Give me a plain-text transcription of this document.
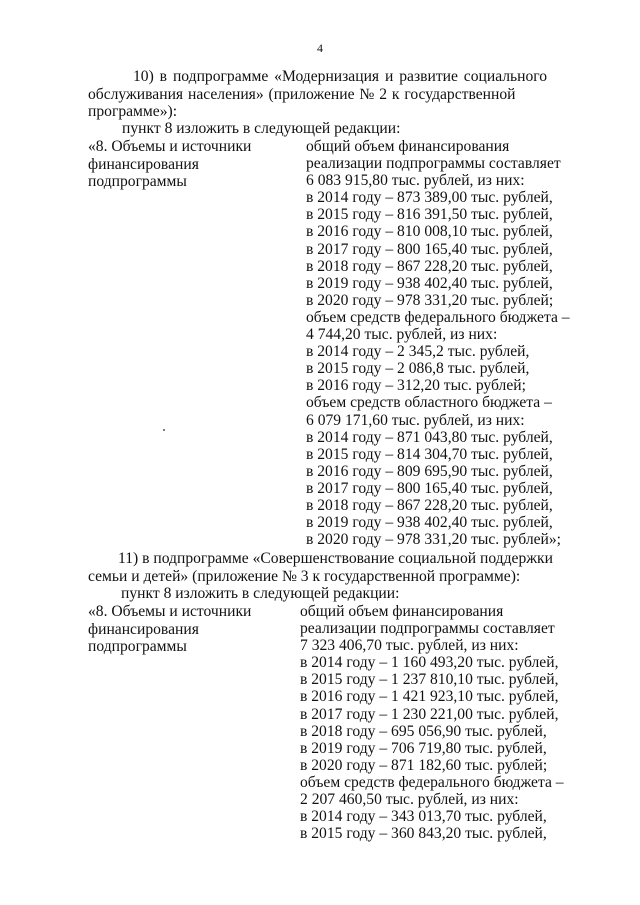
4
10) в подпрограмме «Модернизация и развитие социального
обслуживания населения» (приложение № 2 к государственной
программе»):
пункт 8 изложить в следующей редакции:
«8. Объемы и источники
финансирования
подпрограммы
общий объем финансирования
реализации подпрограммы составляет
6 083 915,80 тыс. рублей, из них:
в 2014 году – 873 389,00 тыс. рублей,
в 2015 году – 816 391,50 тыс. рублей,
в 2016 году – 810 008,10 тыс. рублей,
в 2017 году – 800 165,40 тыс. рублей,
в 2018 году – 867 228,20 тыс. рублей,
в 2019 году – 938 402,40 тыс. рублей,
в 2020 году – 978 331,20 тыс. рублей;
объем средств федерального бюджета –
4 744,20 тыс. рублей, из них:
в 2014 году – 2 345,2 тыс. рублей,
в 2015 году – 2 086,8 тыс. рублей,
в 2016 году – 312,20 тыс. рублей;
объем средств областного бюджета –
6 079 171,60 тыс. рублей, из них:
в 2014 году – 871 043,80 тыс. рублей,
в 2015 году – 814 304,70 тыс. рублей,
в 2016 году – 809 695,90 тыс. рублей,
в 2017 году – 800 165,40 тыс. рублей,
в 2018 году – 867 228,20 тыс. рублей,
в 2019 году – 938 402,40 тыс. рублей,
в 2020 году – 978 331,20 тыс. рублей»;
11) в подпрограмме «Совершенствование социальной поддержки
семьи и детей» (приложение № 3 к государственной программе):
пункт 8 изложить в следующей редакции:
«8. Объемы и источники
финансирования
подпрограммы
общий объем финансирования
реализации подпрограммы составляет
7 323 406,70 тыс. рублей, из них:
в 2014 году – 1 160 493,20 тыс. рублей,
в 2015 году – 1 237 810,10 тыс. рублей,
в 2016 году – 1 421 923,10 тыс. рублей,
в 2017 году – 1 230 221,00 тыс. рублей,
в 2018 году – 695 056,90 тыс. рублей,
в 2019 году – 706 719,80 тыс. рублей,
в 2020 году – 871 182,60 тыс. рублей;
объем средств федерального бюджета –
2 207 460,50 тыс. рублей, из них:
в 2014 году – 343 013,70 тыс. рублей,
в 2015 году – 360 843,20 тыс. рублей,
